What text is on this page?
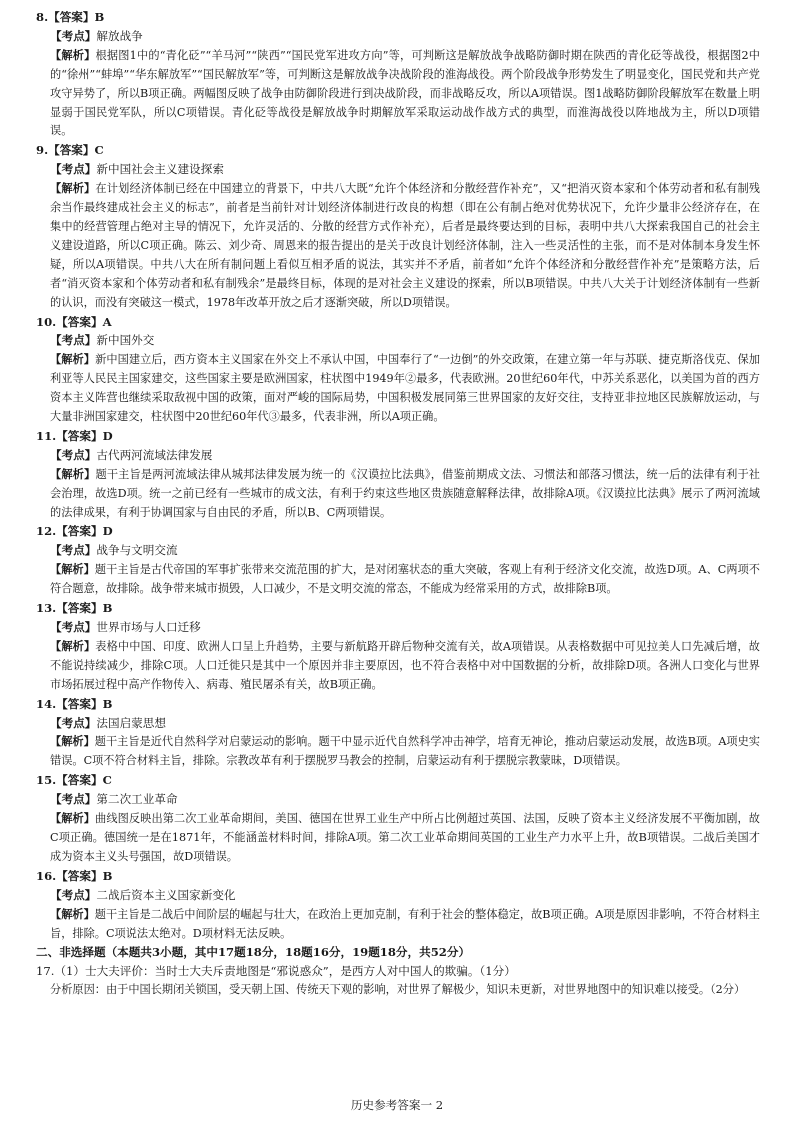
8.【答案】B

【考点】解放战争

【解析】根据图1中的“青化砭”“羊马河”“陕西”“国民党军进攻方向”等，可判断这是解放战争战略防御时期在陕西的青化砭等战役，根据图2中的“徐州”“蚌埠”“华东解放军”“国民解放军”等，可判断这是解放战争决战阶段的淮海战役。两个阶段战争形势发生了明显变化，国民党和共产党攻守异势了，所以B项正确。两幅图反映了战争由防御阶段进行到决战阶段，而非战略反攻，所以A项错误。图1战略防御阶段解放军在数量上明显弱于国民党军队，所以C项错误。青化砭等战役是解放战争时期解放军采取运动战作战方式的典型，而淮海战役以阵地战为主，所以D项错误。

9.【答案】C

【考点】新中国社会主义建设探索

【解析】在计划经济体制已经在中国建立的背景下，中共八大既“允许个体经济和分散经营作补充”，又“把消灭资本家和个体劳动者和私有制残余当作最终建成社会主义的标志”，前者是当前针对计划经济体制进行改良的构想（即在公有制占绝对优势状况下，允许少量非公经济存在，在集中的经营管理占绝对主导的情况下，允许灵活的、分散的经营方式作补充），后者是最终要达到的目标，表明中共八大探索我国自己的社会主义建设道路，所以C项正确。陈云、刘少奇、周恩来的报告提出的是关于改良计划经济体制，注入一些灵活性的主张，而不是对体制本身发生怀疑，所以A项错误。中共八大在所有制问题上看似互相矛盾的说法，其实并不矛盾，前者如“允许个体经济和分散经营作补充”是策略方法，后者“消灭资本家和个体劳动者和私有制残余”是最终目标，体现的是对社会主义建设的探索，所以B项错误。中共八大关于计划经济体制有一些新的认识，而没有突破这一模式，1978年改革开放之后才逐渐突破，所以D项错误。

10.【答案】A

【考点】新中国外交

【解析】新中国建立后，西方资本主义国家在外交上不承认中国，中国奉行了“一边倒”的外交政策，在建立第一年与苏联、捷克斯洛伐克、保加利亚等人民民主国家建交，这些国家主要是欧洲国家，柱状图中1949年②最多，代表欧洲。20世纪60年代，中苏关系恶化，以美国为首的西方资本主义阵营也继续采取敌视中国的政策，面对严峻的国际局势，中国积极发展同第三世界国家的友好交往，支持亚非拉地区民族解放运动，与大量非洲国家建交，柱状图中20世纪60年代③最多，代表非洲，所以A项正确。

11.【答案】D

【考点】古代两河流域法律发展

【解析】题干主旨是两河流域法律从城邦法律发展为统一的《汉谟拉比法典》，借鉴前期成文法、习惯法和部落习惯法，统一后的法律有利于社会治理，故选D项。统一之前已经有一些城市的成文法，有利于约束这些地区贵族随意解释法律，故排除A项。《汉谟拉比法典》展示了两河流域的法律成果，有利于协调国家与自由民的矛盾，所以B、C两项错误。

12.【答案】D

【考点】战争与文明交流

【解析】题干主旨是古代帝国的军事扩张带来交流范围的扩大，是对闭塞状态的重大突破，客观上有利于经济文化交流，故选D项。A、C两项不符合题意，故排除。战争带来城市损毁，人口减少，不是文明交流的常态，不能成为经常采用的方式，故排除B项。

13.【答案】B

【考点】世界市场与人口迁移

【解析】表格中中国、印度、欧洲人口呈上升趋势，主要与新航路开辟后物种交流有关，故A项错误。从表格数据中可见拉美人口先减后增，故不能说持续减少，排除C项。人口迁徙只是其中一个原因并非主要原因，也不符合表格中对中国数据的分析，故排除D项。各洲人口变化与世界市场拓展过程中高产作物传入、病毒、殖民屠杀有关，故B项正确。

14.【答案】B

【考点】法国启蒙思想

【解析】题干主旨是近代自然科学对启蒙运动的影响。题干中显示近代自然科学冲击神学，培育无神论，推动启蒙运动发展，故选B项。A项史实错误。C项不符合材料主旨，排除。宗教改革有利于摆脱罗马教会的控制，启蒙运动有利于摆脱宗教蒙昧，D项错误。

15.【答案】C

【考点】第二次工业革命

【解析】曲线图反映出第二次工业革命期间，美国、德国在世界工业生产中所占比例超过英国、法国，反映了资本主义经济发展不平衡加剧，故C项正确。德国统一是在1871年，不能涵盖材料时间，排除A项。第二次工业革命期间英国的工业生产力水平上升，故B项错误。二战后美国才成为资本主义头号强国，故D项错误。

16.【答案】B

【考点】二战后资本主义国家新变化

【解析】题干主旨是二战后中间阶层的崛起与壮大，在政治上更加克制，有利于社会的整体稳定，故B项正确。A项是原因非影响，不符合材料主旨，排除。C项说法太绝对。D项材料无法反映。

二、非选择题（本题共3小题，其中17题18分，18题16分，19题18分，共52分）

17.（1）士大夫评价：当时士大夫斥责地图是“邪说惑众”，是西方人对中国人的欺骗。（1分）

分析原因：由于中国长期闭关锁国，受天朝上国、传统天下观的影响，对世界了解极少，知识未更新，对世界地图中的知识难以接受。（2分）

历史参考答案一 2
